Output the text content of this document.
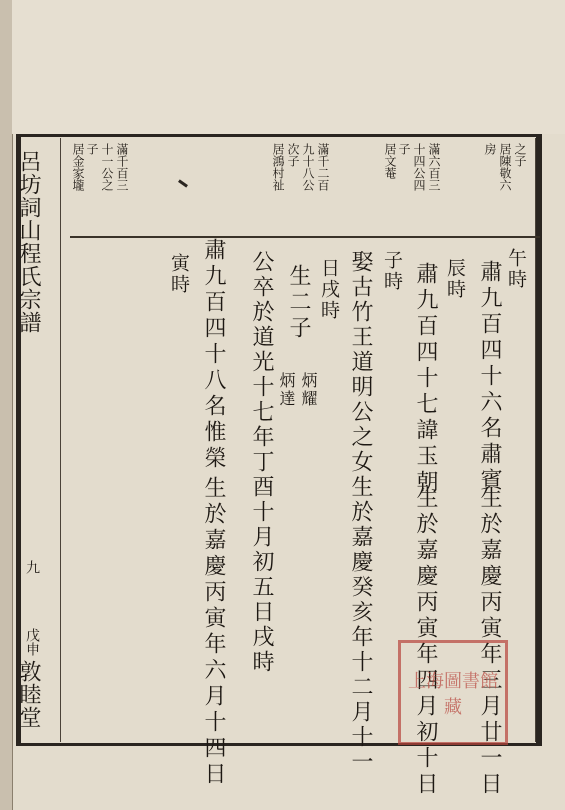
呂坊詞山程氏宗譜
九
戊申
敦睦堂
之子
居陳敬六
房
滿六百三
十四公四
子
居文菴
滿千二百
九十八公
次子
居鴻村祉
滿千百三
十一公之
子
居金家壠
午時
肅九百四十六名肅賓
生於嘉慶丙寅年三月廿一日
辰時
肅九百四十七諱玉朝
生於嘉慶丙寅年四月初十日
子時
娶古竹王道明公之女生於嘉慶癸亥年十二月十一
日戌時
生二子
炳耀
炳達
公卒於道光十七年丁酉十月初五日戌時
肅九百四十八名惟榮
生於嘉慶丙寅年六月十四日
寅時
上海圖書館藏
